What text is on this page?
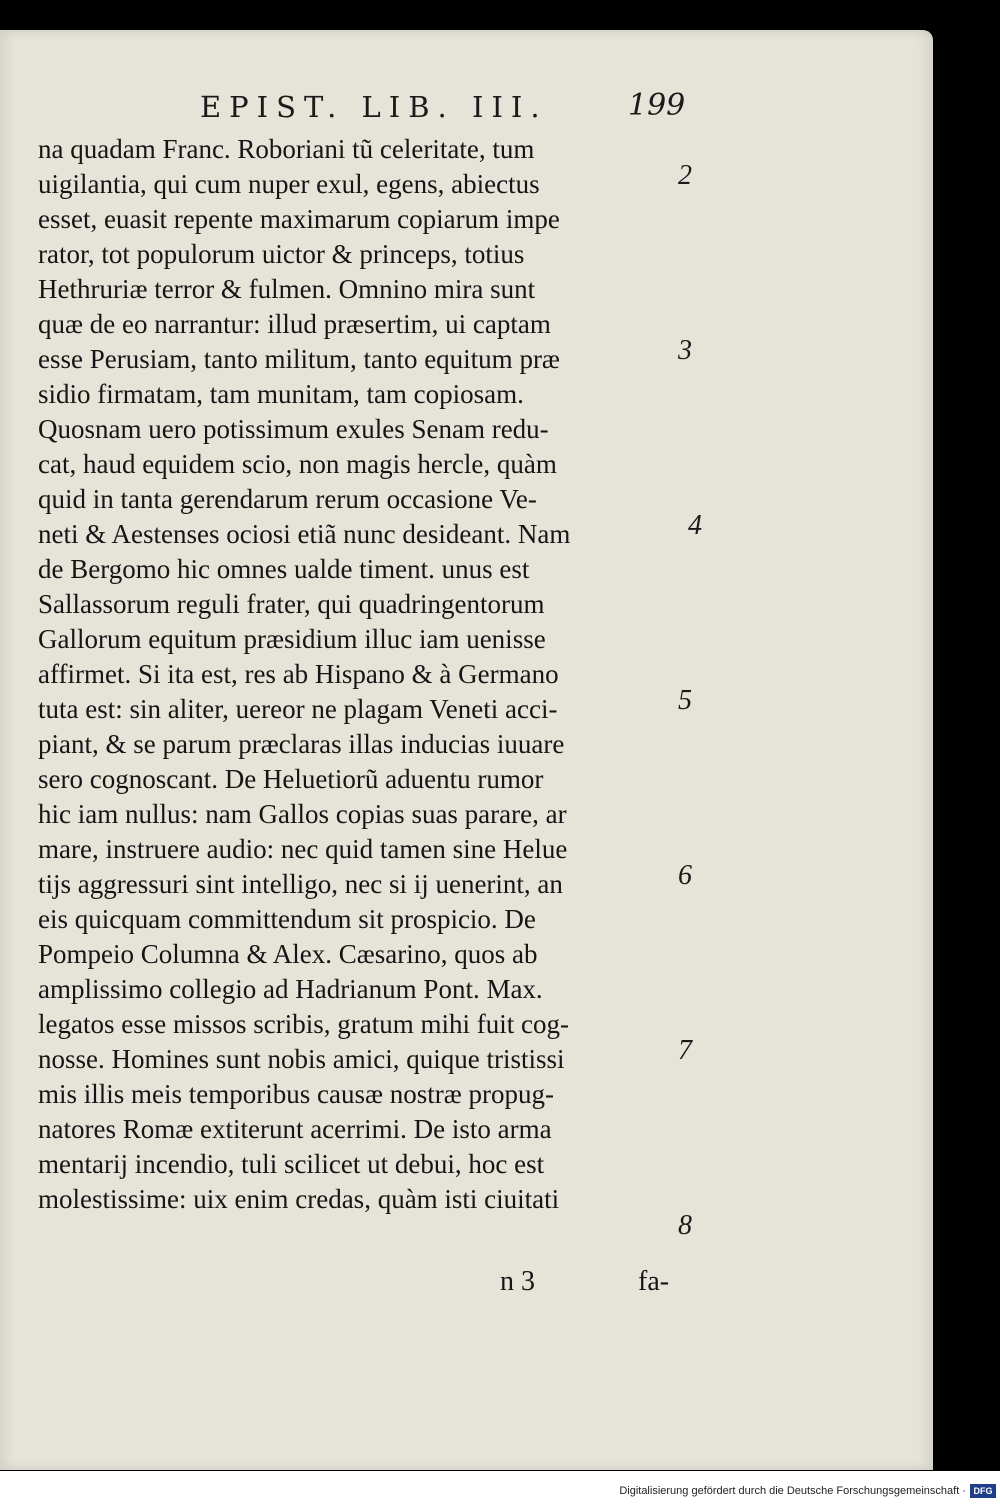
EPIST. LIB. III.	199
na quadam Franc. Roboriani tũ celeritate, tum
uigilantia, qui cum nuper exul, egens, abiectus
esset, euasit repente maximarum copiarum impe
rator, tot populorum uictor & princeps, totius
Hethruriæ terror & fulmen. Omnino mira sunt
quæ de eo narrantur: illud præsertim, ui captam
esse Perusiam, tanto militum, tanto equitum præ
sidio firmatam, tam munitam, tam copiosam.
Quosnam uero potissimum exules Senam redu-
cat, haud equidem scio, non magis hercle, quàm
quid in tanta gerendarum rerum occasione Ve-
neti & Aestenses ociosi etiã nunc desideant. Nam
de Bergomo hic omnes ualde timent. unus est
Sallassorum reguli frater, qui quadringentorum
Gallorum equitum præsidium illuc iam uenisse
affirmet. Si ita est, res ab Hispano & à Germano
tuta est: sin aliter, uereor ne plagam Veneti acci-
piant, & se parum præclaras illas inducias iuuare
sero cognoscant. De Heluetiorũ aduentu rumor
hic iam nullus: nam Gallos copias suas parare, ar
mare, instruere audio: nec quid tamen sine Helue
tijs aggressuri sint intelligo, nec si ij uenerint, an
eis quicquam committendum sit prospicio. De
Pompeio Columna & Alex. Cæsarino, quos ab
amplissimo collegio ad Hadrianum Pont. Max.
legatos esse missos scribis, gratum mihi fuit cog-
nosse. Homines sunt nobis amici, quique tristissi
mis illis meis temporibus causæ nostræ propug-
natores Romæ extiterunt acerrimi. De isto arma
mentarij incendio, tuli scilicet ut debui, hoc est
molestissime: uix enim credas, quàm isti ciuitati
2
3
4
5
6
7
8
n 3	fa-
Digitalisierung gefördert durch die Deutsche Forschungsgemeinschaft · DFG
